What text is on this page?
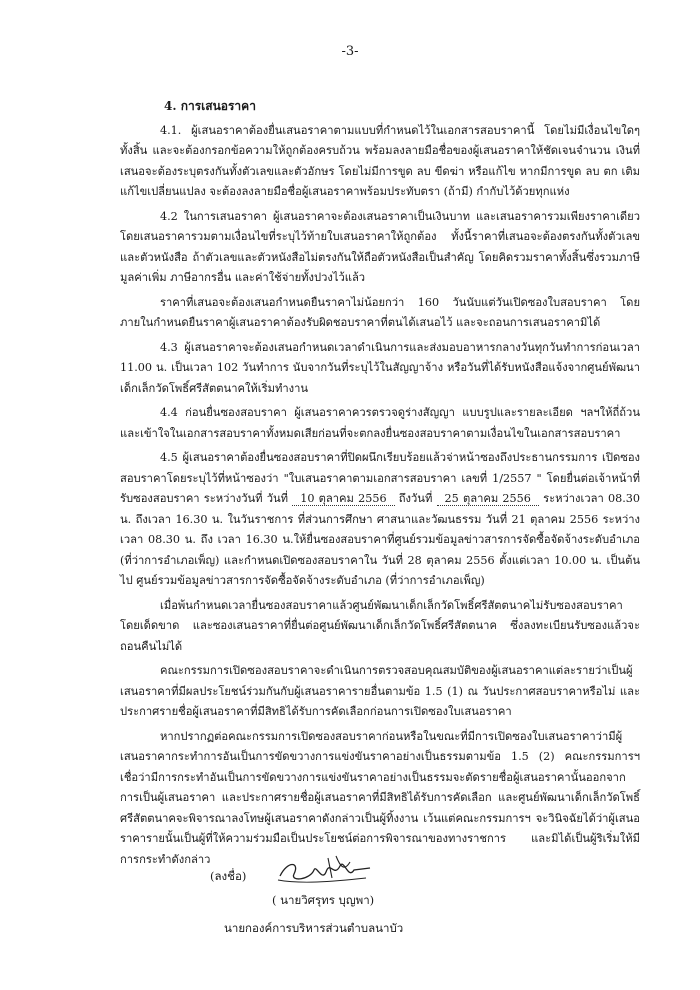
-3-

4. การเสนอราคา

4.1. ผู้เสนอราคาต้องยื่นเสนอราคาตามแบบที่กำหนดไว้ในเอกสารสอบราคานี้ โดยไม่มีเงื่อนไขใดๆ ทั้งสิ้น และจะต้องกรอกข้อความให้ถูกต้องครบถ้วน พร้อมลงลายมือชื่อของผู้เสนอราคาให้ชัดเจนจำนวน เงินที่เสนอจะต้องระบุตรงกันทั้งตัวเลขและตัวอักษร โดยไม่มีการขูด ลบ ขีดฆ่า หรือแก้ไข หากมีการขูด ลบ ตก เติม แก้ไขเปลี่ยนแปลง จะต้องลงลายมือชื่อผู้เสนอราคาพร้อมประทับตรา (ถ้ามี) กำกับไว้ด้วยทุกแห่ง

4.2 ในการเสนอราคา ผู้เสนอราคาจะต้องเสนอราคาเป็นเงินบาท และเสนอราคารวมเพียงราคาเดียว โดยเสนอราคารวมตามเงื่อนไขที่ระบุไว้ท้ายใบเสนอราคาให้ถูกต้อง ทั้งนี้ราคาที่เสนอจะต้องตรงกันทั้งตัวเลข และตัวหนังสือ ถ้าตัวเลขและตัวหนังสือไม่ตรงกันให้ถือตัวหนังสือเป็นสำคัญ โดยคิดรวมราคาทั้งสิ้นซึ่งรวมภาษีมูลค่าเพิ่ม ภาษีอากรอื่น และค่าใช้จ่ายทั้งปวงไว้แล้ว

ราคาที่เสนอจะต้องเสนอกำหนดยืนราคาไม่น้อยกว่า 160 วันนับแต่วันเปิดซองใบสอบราคา โดยภายในกำหนดยืนราคาผู้เสนอราคาต้องรับผิดชอบราคาที่ตนได้เสนอไว้ และจะถอนการเสนอราคามิได้

4.3 ผู้เสนอราคาจะต้องเสนอกำหนดเวลาดำเนินการและส่งมอบอาหารกลางวันทุกวันทำการก่อนเวลา 11.00 น. เป็นเวลา 102 วันทำการ นับจากวันที่ระบุไว้ในสัญญาจ้าง หรือวันที่ได้รับหนังสือแจ้งจากศูนย์พัฒนาเด็กเล็กวัดโพธิ์ศรีสัตตนาคให้เริ่มทำงาน

4.4 ก่อนยื่นซองสอบราคา ผู้เสนอราคาควรตรวจดูร่างสัญญา แบบรูปและรายละเอียด ฯลฯให้ถี่ถ้วน และเข้าใจในเอกสารสอบราคาทั้งหมดเสียก่อนที่จะตกลงยื่นซองสอบราคาตามเงื่อนไขในเอกสารสอบราคา

4.5 ผู้เสนอราคาต้องยื่นซองสอบราคาที่ปิดผนึกเรียบร้อยแล้วจ่าหน้าซองถึงประธานกรรมการ เปิดซองสอบราคาโดยระบุไว้ที่หน้าซองว่า "ใบเสนอราคาตามเอกสารสอบราคา เลขที่ 1/2557 " โดยยื่นต่อเจ้าหน้าที่รับซองสอบราคา ระหว่างวันที่ วันที่ 10 ตุลาคม 2556 ถึงวันที่ 25 ตุลาคม 2556 ระหว่างเวลา 08.30 น. ถึงเวลา 16.30 น. ในวันราชการ ที่ส่วนการศึกษา ศาสนาและวัฒนธรรม วันที่ 21 ตุลาคม 2556 ระหว่างเวลา 08.30 น. ถึง เวลา 16.30 น.ให้ยื่นซองสอบราคาที่ศูนย์รวมข้อมูลข่าวสารการจัดซื้อจัดจ้างระดับอำเภอ (ที่ว่าการอำเภอเพ็ญ) และกำหนดเปิดซองสอบราคาใน วันที่ 28 ตุลาคม 2556 ตั้งแต่เวลา 10.00 น. เป็นต้นไป ศูนย์รวมข้อมูลข่าวสารการจัดซื้อจัดจ้างระดับอำเภอ (ที่ว่าการอำเภอเพ็ญ)

เมื่อพ้นกำหนดเวลายื่นซองสอบราคาแล้วศูนย์พัฒนาเด็กเล็กวัดโพธิ์ศรีสัตตนาคไม่รับซองสอบราคาโดยเด็ดขาด และซองเสนอราคาที่ยื่นต่อศูนย์พัฒนาเด็กเล็กวัดโพธิ์ศรีสัตตนาค ซึ่งลงทะเบียนรับซองแล้วจะถอนคืนไม่ได้

คณะกรรมการเปิดซองสอบราคาจะดำเนินการตรวจสอบคุณสมบัติของผู้เสนอราคาแต่ละรายว่าเป็นผู้เสนอราคาที่มีผลประโยชน์ร่วมกันกับผู้เสนอราคารายอื่นตามข้อ 1.5 (1) ณ วันประกาศสอบราคาหรือไม่ และประกาศรายชื่อผู้เสนอราคาที่มีสิทธิได้รับการคัดเลือกก่อนการเปิดซองใบเสนอราคา

หากปรากฏต่อคณะกรรมการเปิดซองสอบราคาก่อนหรือในขณะที่มีการเปิดซองใบเสนอราคาว่ามีผู้เสนอราคากระทำการอันเป็นการขัดขวางการแข่งขันราคาอย่างเป็นธรรมตามข้อ 1.5 (2) คณะกรรมการฯ เชื่อว่ามีการกระทำอันเป็นการขัดขวางการแข่งขันราคาอย่างเป็นธรรมจะตัดรายชื่อผู้เสนอราคานั้นออกจากการเป็นผู้เสนอราคา และประกาศรายชื่อผู้เสนอราคาที่มีสิทธิได้รับการคัดเลือก และศูนย์พัฒนาเด็กเล็กวัดโพธิ์ศรีสัตตนาคจะพิจารณาลงโทษผู้เสนอราคาดังกล่าวเป็นผู้ทิ้งงาน เว้นแต่คณะกรรมการฯ จะวินิจฉัยได้ว่าผู้เสนอราคารายนั้นเป็นผู้ที่ให้ความร่วมมือเป็นประโยชน์ต่อการพิจารณาของทางราชการ และมิได้เป็นผู้ริเริ่มให้มีการกระทำดังกล่าว

(ลงชื่อ)
( นายวิศรุทร บุญพา)
นายกองค์การบริหารส่วนตำบลนาบัว
